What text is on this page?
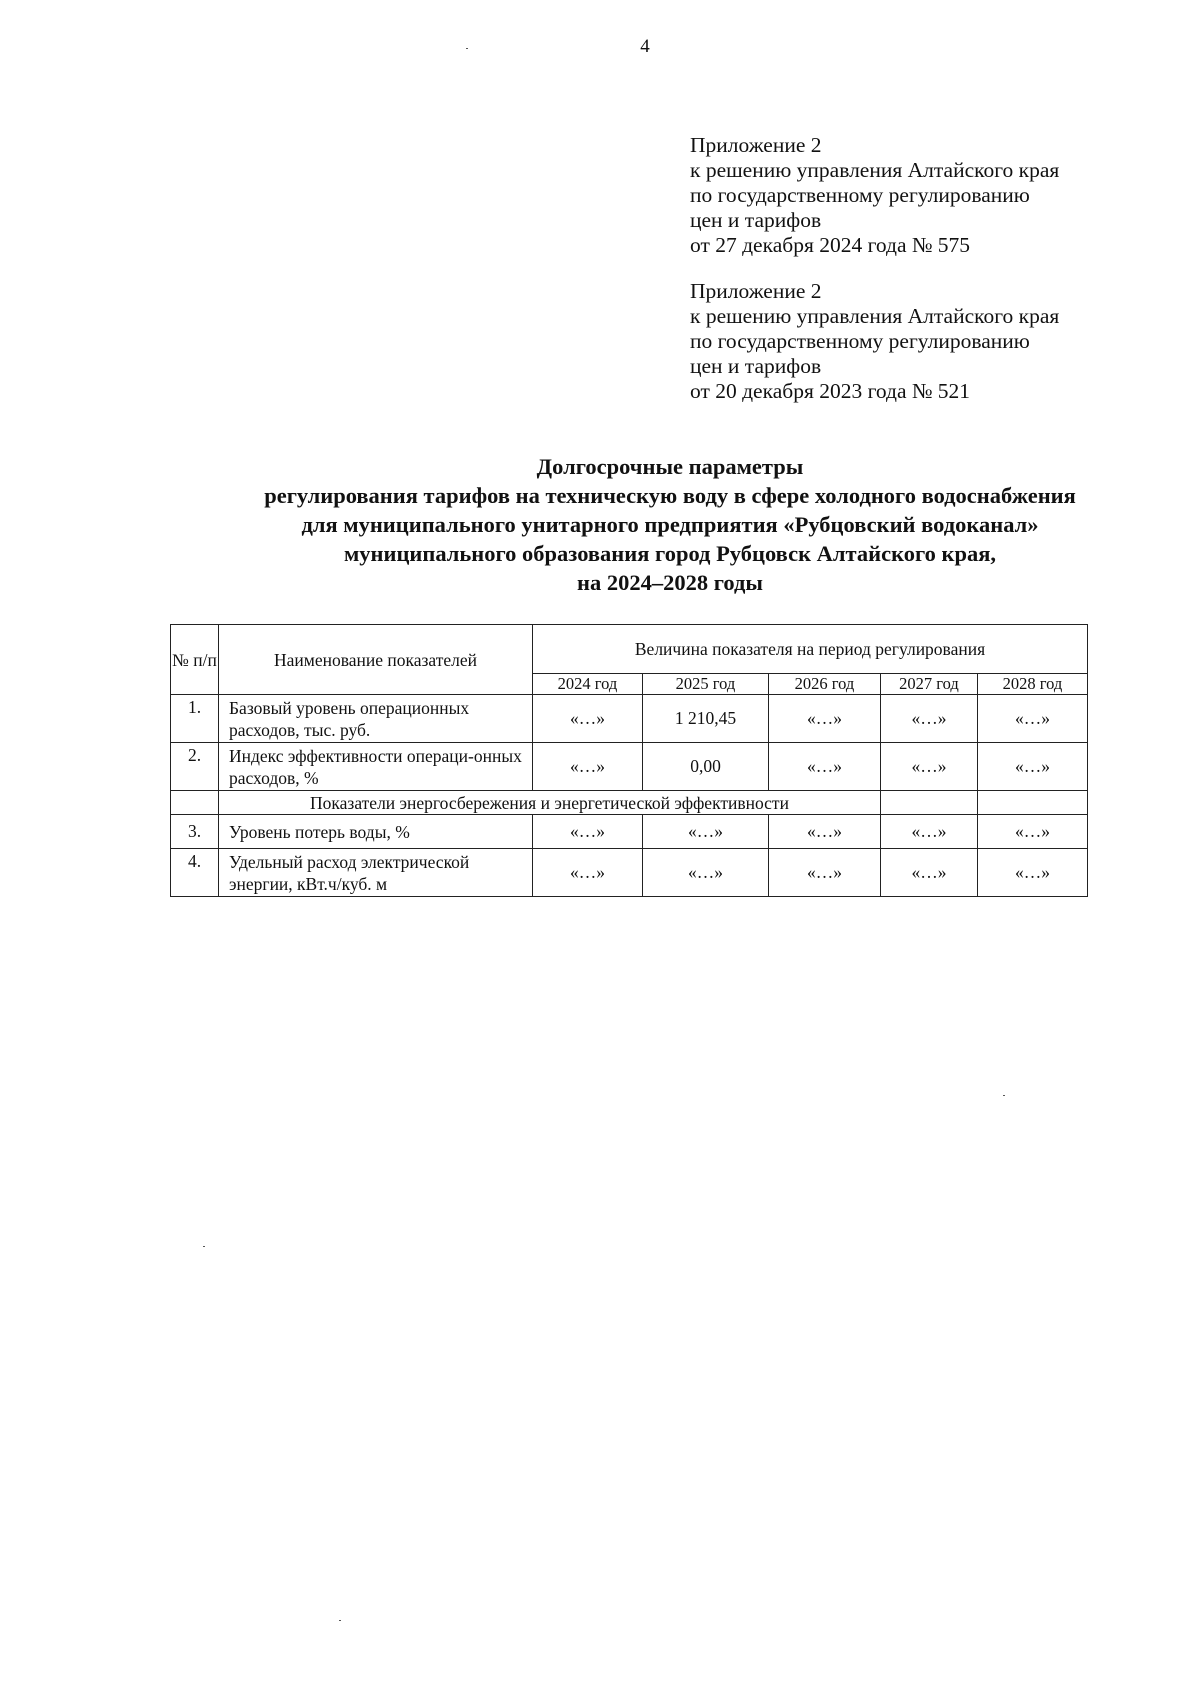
4
Приложение 2
к решению управления Алтайского края
по государственному регулированию
цен и тарифов
от 27 декабря 2024 года № 575
Приложение 2
к решению управления Алтайского края
по государственному регулированию
цен и тарифов
от 20 декабря 2023 года № 521
Долгосрочные параметры
регулирования тарифов на техническую воду в сфере холодного водоснабжения
для муниципального унитарного предприятия «Рубцовский водоканал»
муниципального образования город Рубцовск Алтайского края,
на 2024–2028 годы
№ п/п	Наименование показателей	Величина показателя на период регулирования				
		2024 год	2025 год	2026 год	2027 год	2028 год
1.	Базовый уровень операционных расходов, тыс. руб.	«…»	1 210,45	«…»	«…»	«…»
2.	Индекс эффективности операци-онных расходов, %	«…»	0,00	«…»	«…»	«…»
	Показатели энергосбережения и энергетической эффективности					
3.	Уровень потерь воды, %	«…»	«…»	«…»	«…»	«…»
4.	Удельный расход электрической энергии, кВт.ч/куб. м	«…»	«…»	«…»	«…»	«…»
